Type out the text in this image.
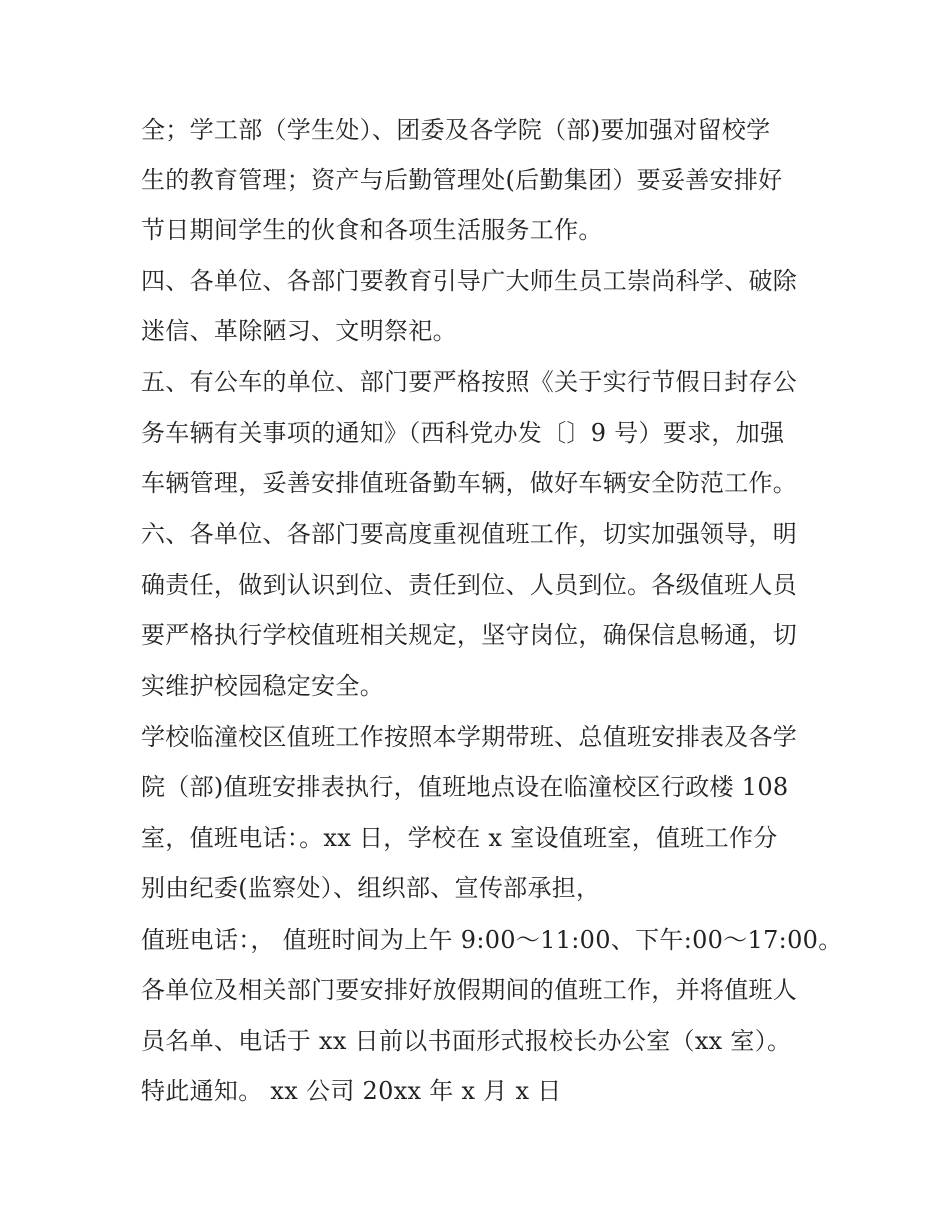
全；学工部（学生处）、团委及各学院（部)要加强对留校学
生的教育管理；资产与后勤管理处(后勤集团）要妥善安排好
节日期间学生的伙食和各项生活服务工作。
四、各单位、各部门要教育引导广大师生员工崇尚科学、破除
迷信、革除陋习、文明祭祀。
五、有公车的单位、部门要严格按照《关于实行节假日封存公
务车辆有关事项的通知》（西科党办发〔〕9 号）要求，加强
车辆管理，妥善安排值班备勤车辆，做好车辆安全防范工作。
六、各单位、各部门要高度重视值班工作，切实加强领导，明
确责任，做到认识到位、责任到位、人员到位。各级值班人员
要严格执行学校值班相关规定，坚守岗位，确保信息畅通，切
实维护校园稳定安全。
学校临潼校区值班工作按照本学期带班、总值班安排表及各学
院（部)值班安排表执行，值班地点设在临潼校区行政楼 108
室，值班电话：。xx 日，学校在 x 室设值班室，值班工作分
别由纪委(监察处）、组织部、宣传部承担，
值班电话：， 值班时间为上午 9:00～11:00、下午:00～17:00。
各单位及相关部门要安排好放假期间的值班工作，并将值班人
员名单、电话于 xx 日前以书面形式报校长办公室（xx 室）。
特此通知。 xx 公司 20xx 年 x 月 x 日
